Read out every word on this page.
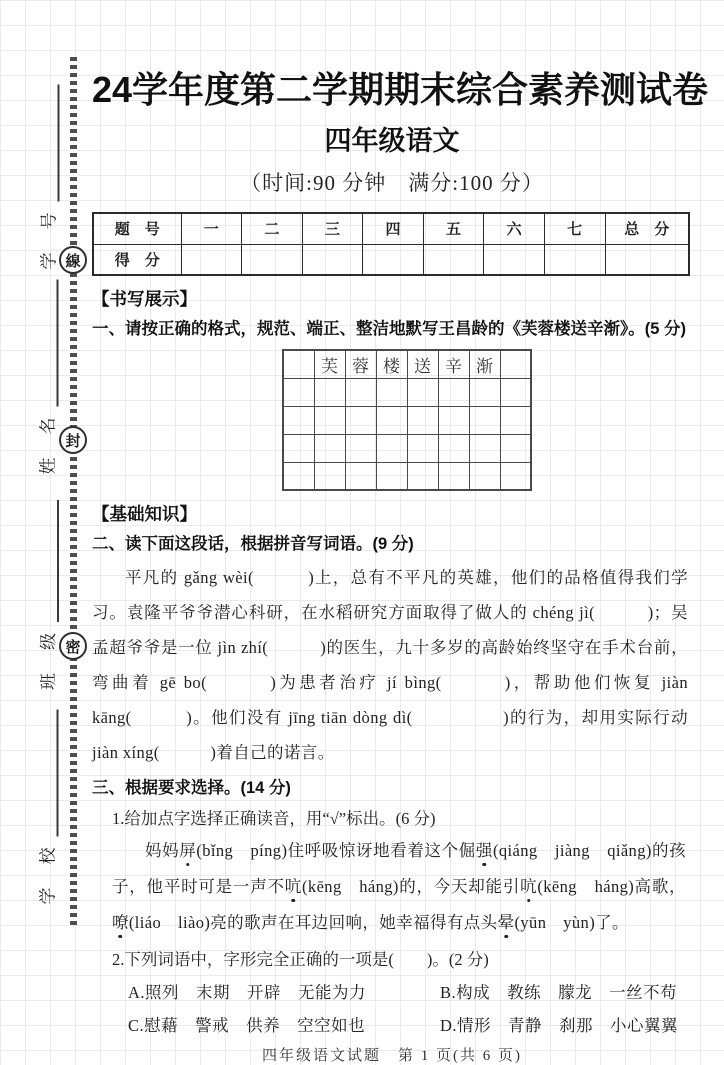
線
封
密
学　号
姓　名
班　级
学　校
24学年度第二学期期末综合素养测试卷
四年级语文
（时间:90 分钟　满分:100 分）
题　号	一	二	三	四	五	六	七	总　分
得　分								
【书写展示】
一、请按正确的格式，规范、端正、整洁地默写王昌龄的《芙蓉楼送辛渐》。(5 分)
	芙	蓉	楼	送	辛	渐	

【基础知识】
二、读下面这段话，根据拼音写词语。(9 分)

平凡的 gǎng wèi(　　　)上，总有不平凡的英雄，他们的品格值得我们学习。袁隆平爷爷潜心科研，在水稻研究方面取得了做人的 chéng jì(　　　)；吴孟超爷爷是一位 jìn zhí(　　　)的医生，九十多岁的高龄始终坚守在手术台前，弯曲着 gē bo(　　　)为患者治疗 jí bìng(　　　)，帮助他们恢复 jiàn kāng(　　　)。他们没有 jīng tiān dòng dì(　　　　　)的行为，却用实际行动 jiàn xíng(　　　)着自己的诺言。

三、根据要求选择。(14 分)
1.给加点字选择正确读音，用“√”标出。(6 分)

妈妈屏(bǐng　píng)住呼吸惊讶地看着这个倔强(qiáng　jiàng　qiǎng)的孩子，他平时可是一声不吭(kēng　háng)的，今天却能引吭(kēng　háng)高歌，嘹(liáo　liào)亮的歌声在耳边回响，她幸福得有点头晕(yūn　yùn)了。

2.下列词语中，字形完全正确的一项是(　　)。(2 分)
A.照列　末期　开辟　无能为力	B.构成　教练　朦龙　一丝不苟
C.慰藉　警戒　供养　空空如也	D.情形　青静　刹那　小心翼翼
四年级语文试题　第 1 页(共 6 页)
